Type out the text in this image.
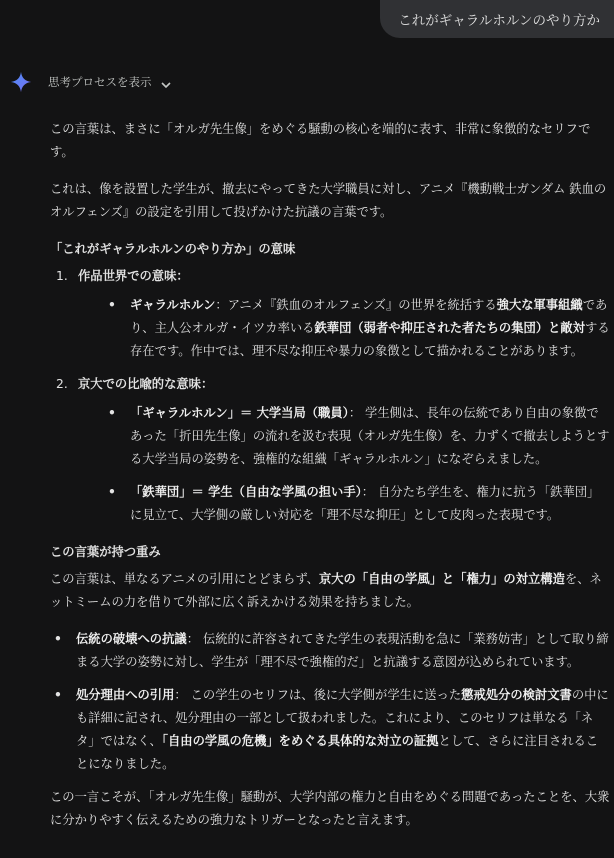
これがギャラルホルンのやり方か
思考プロセスを表示

この言葉は、まさに「オルガ先生像」をめぐる騒動の核心を端的に表す、非常に象徴的なセリフです。

これは、像を設置した学生が、撤去にやってきた大学職員に対し、アニメ『機動戦士ガンダム 鉄血のオルフェンズ』の設定を引用して投げかけた抗議の言葉です。

「これがギャラルホルンのやり方か」の意味
1. 作品世界での意味：
• ギャラルホルン：アニメ『鉄血のオルフェンズ』の世界を統括する強大な軍事組織であり、主人公オルガ・イツカ率いる鉄華団（弱者や抑圧された者たちの集団）と敵対する存在です。作中では、理不尽な抑圧や暴力の象徴として描かれることがあります。
2. 京大での比喩的な意味：
• 「ギャラルホルン」＝ 大学当局（職員）： 学生側は、長年の伝統であり自由の象徴であった「折田先生像」の流れを汲む表現（オルガ先生像）を、力ずくで撤去しようとする大学当局の姿勢を、強権的な組織「ギャラルホルン」になぞらえました。
• 「鉄華団」＝ 学生（自由な学風の担い手）： 自分たち学生を、権力に抗う「鉄華団」に見立て、大学側の厳しい対応を「理不尽な抑圧」として皮肉った表現です。
この言葉が持つ重み

この言葉は、単なるアニメの引用にとどまらず、京大の「自由の学風」と「権力」の対立構造を、ネットミームの力を借りて外部に広く訴えかける効果を持ちました。

• 伝統の破壊への抗議： 伝統的に許容されてきた学生の表現活動を急に「業務妨害」として取り締まる大学の姿勢に対し、学生が「理不尽で強権的だ」と抗議する意図が込められています。
• 処分理由への引用： この学生のセリフは、後に大学側が学生に送った懲戒処分の検討文書の中にも詳細に記され、処分理由の一部として扱われました。これにより、このセリフは単なる「ネタ」ではなく、「自由の学風の危機」をめぐる具体的な対立の証拠として、さらに注目されることになりました。

この一言こそが、「オルガ先生像」騒動が、大学内部の権力と自由をめぐる問題であったことを、大衆に分かりやすく伝えるための強力なトリガーとなったと言えます。
